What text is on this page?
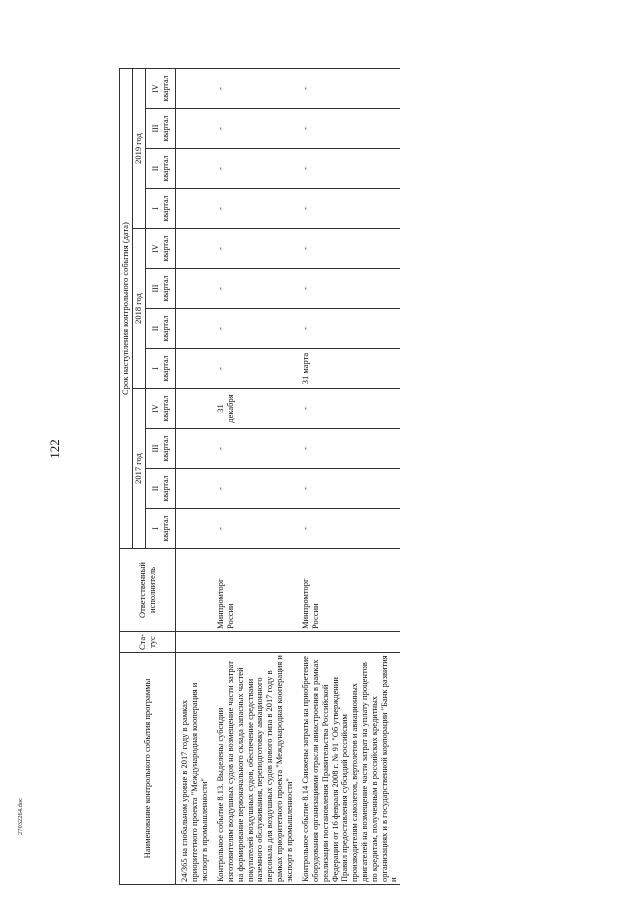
122
27032264.doc	Наименование контрольного события программы	Ста-тус	Ответственный исполнитель	Срок наступления контрольного события (дата)											
			2017 год				2018 год				2019 год			

			I квартал	II квартал	III квартал	IV квартал	I квартал	II квартал	III квартал	IV квартал	I квартал	II квартал	III квартал	IV квартал

24/365 на глобальном уровне в 2017 году в рамках приоритетного проекта "Международная кооперация и экспорт в промышленности"														
Контрольное событие 8.13. Выделены субсидии изготовителям воздушных судов на возмещение части затрат на формирование первоначального склада запасных частей покупателей воздушных судов, обеспечение средствами наземного обслуживания, переподготовку авиационного персонала для воздушных судов нового типа в 2017 году в рамках приоритетного проекта "Международная кооперация и экспорт в промышленности"		Минпромторг России	-	-	-	31 декабря	-	-	-	-	-	-	-	-
Контрольное событие 8.14 Снижены затраты на приобретение оборудования организациями отрасли авиастроения в рамках реализации постановления Правительства Российской Федерации от 16 февраля 2008 г. № 91 "Об утверждении Правил предоставления субсидий российским производителям самолетов, вертолетов и авиационных двигателей на возмещение части затрат на уплату процентов по кредитам, полученным в российских кредитных организациях и в государственной корпорации "Банк развития и		Минпромторг России	-	-	-	-	31 марта	-	-	-	-	-	-	-
